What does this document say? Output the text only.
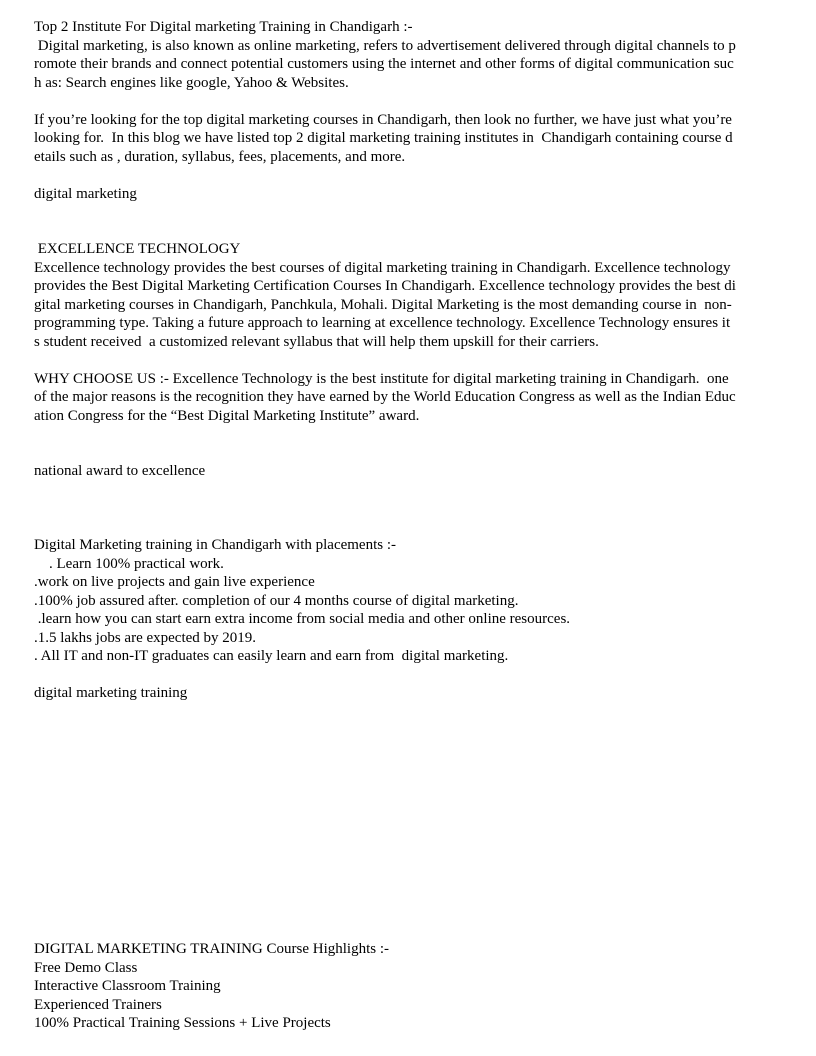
Top 2 Institute For Digital marketing Training in Chandigarh :-
Digital marketing, is also known as online marketing, refers to advertisement delivered through digital channels to p
romote their brands and connect potential customers using the internet and other forms of digital communication suc
h as: Search engines like google, Yahoo & Websites.
If you’re looking for the top digital marketing courses in Chandigarh, then look no further, we have just what you’re
looking for.  In this blog we have listed top 2 digital marketing training institutes in  Chandigarh containing course d
etails such as , duration, syllabus, fees, placements, and more.
digital marketing
EXCELLENCE TECHNOLOGY
Excellence technology provides the best courses of digital marketing training in Chandigarh. Excellence technology
provides the Best Digital Marketing Certification Courses In Chandigarh. Excellence technology provides the best di
gital marketing courses in Chandigarh, Panchkula, Mohali. Digital Marketing is the most demanding course in  non-
programming type. Taking a future approach to learning at excellence technology. Excellence Technology ensures it
s student received  a customized relevant syllabus that will help them upskill for their carriers.
WHY CHOOSE US :- Excellence Technology is the best institute for digital marketing training in Chandigarh.  one
of the major reasons is the recognition they have earned by the World Education Congress as well as the Indian Educ
ation Congress for the “Best Digital Marketing Institute” award.
national award to excellence
Digital Marketing training in Chandigarh with placements :-
. Learn 100% practical work.
.work on live projects and gain live experience
.100% job assured after. completion of our 4 months course of digital marketing.
.learn how you can start earn extra income from social media and other online resources.
.1.5 lakhs jobs are expected by 2019.
. All IT and non-IT graduates can easily learn and earn from  digital marketing.
digital marketing training
DIGITAL MARKETING TRAINING Course Highlights :-
Free Demo Class
Interactive Classroom Training
Experienced Trainers
100% Practical Training Sessions + Live Projects
